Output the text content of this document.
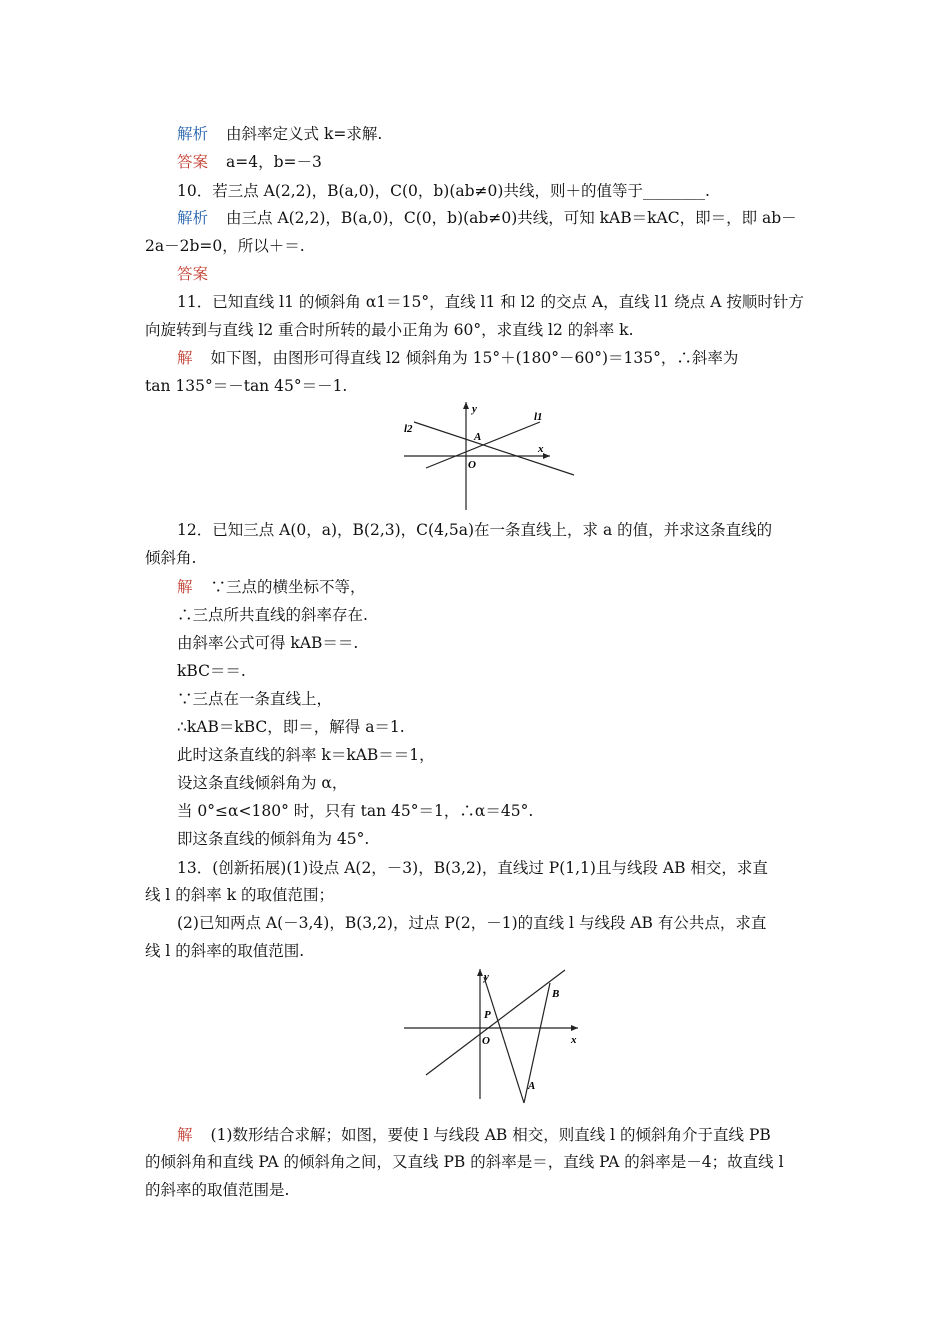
解析 由斜率定义式 k=求解.
答案 a=4，b=－3
10．若三点 A(2,2)，B(a,0)，C(0，b)(ab≠0)共线，则＋的值等于________.
解析 由三点 A(2,2)，B(a,0)，C(0，b)(ab≠0)共线，可知 kAB＝kAC，即＝，即 ab－
2a－2b=0，所以＋＝.
答案
11．已知直线 l1 的倾斜角 α1＝15°，直线 l1 和 l2 的交点 A，直线 l1 绕点 A 按顺时针方
向旋转到与直线 l2 重合时所转的最小正角为 60°，求直线 l2 的斜率 k.
解 如下图，由图形可得直线 l2 倾斜角为 15°＋(180°－60°)＝135°，∴斜率为
tan 135°＝－tan 45°＝－1.
y
x
O
A
l1
l2
12．已知三点 A(0，a)，B(2,3)，C(4,5a)在一条直线上，求 a 的值，并求这条直线的
倾斜角.
解 ∵三点的横坐标不等，
∴三点所共直线的斜率存在.
由斜率公式可得 kAB＝＝.
kBC＝＝.
∵三点在一条直线上，
∴kAB＝kBC，即＝，解得 a＝1.
此时这条直线的斜率 k＝kAB＝＝1，
设这条直线倾斜角为 α，
当 0°≤α<180° 时，只有 tan 45°＝1，∴α＝45°.
即这条直线的倾斜角为 45°.
13．(创新拓展)(1)设点 A(2，－3)，B(3,2)，直线过 P(1,1)且与线段 AB 相交，求直
线 l 的斜率 k 的取值范围；
(2)已知两点 A(－3,4)，B(3,2)，过点 P(2，－1)的直线 l 与线段 AB 有公共点，求直
线 l 的斜率的取值范围.
y
x
O
P
A
B
解 (1)数形结合求解；如图，要使 l 与线段 AB 相交，则直线 l 的倾斜角介于直线 PB
的倾斜角和直线 PA 的倾斜角之间，又直线 PB 的斜率是＝，直线 PA 的斜率是－4；故直线 l
的斜率的取值范围是.
